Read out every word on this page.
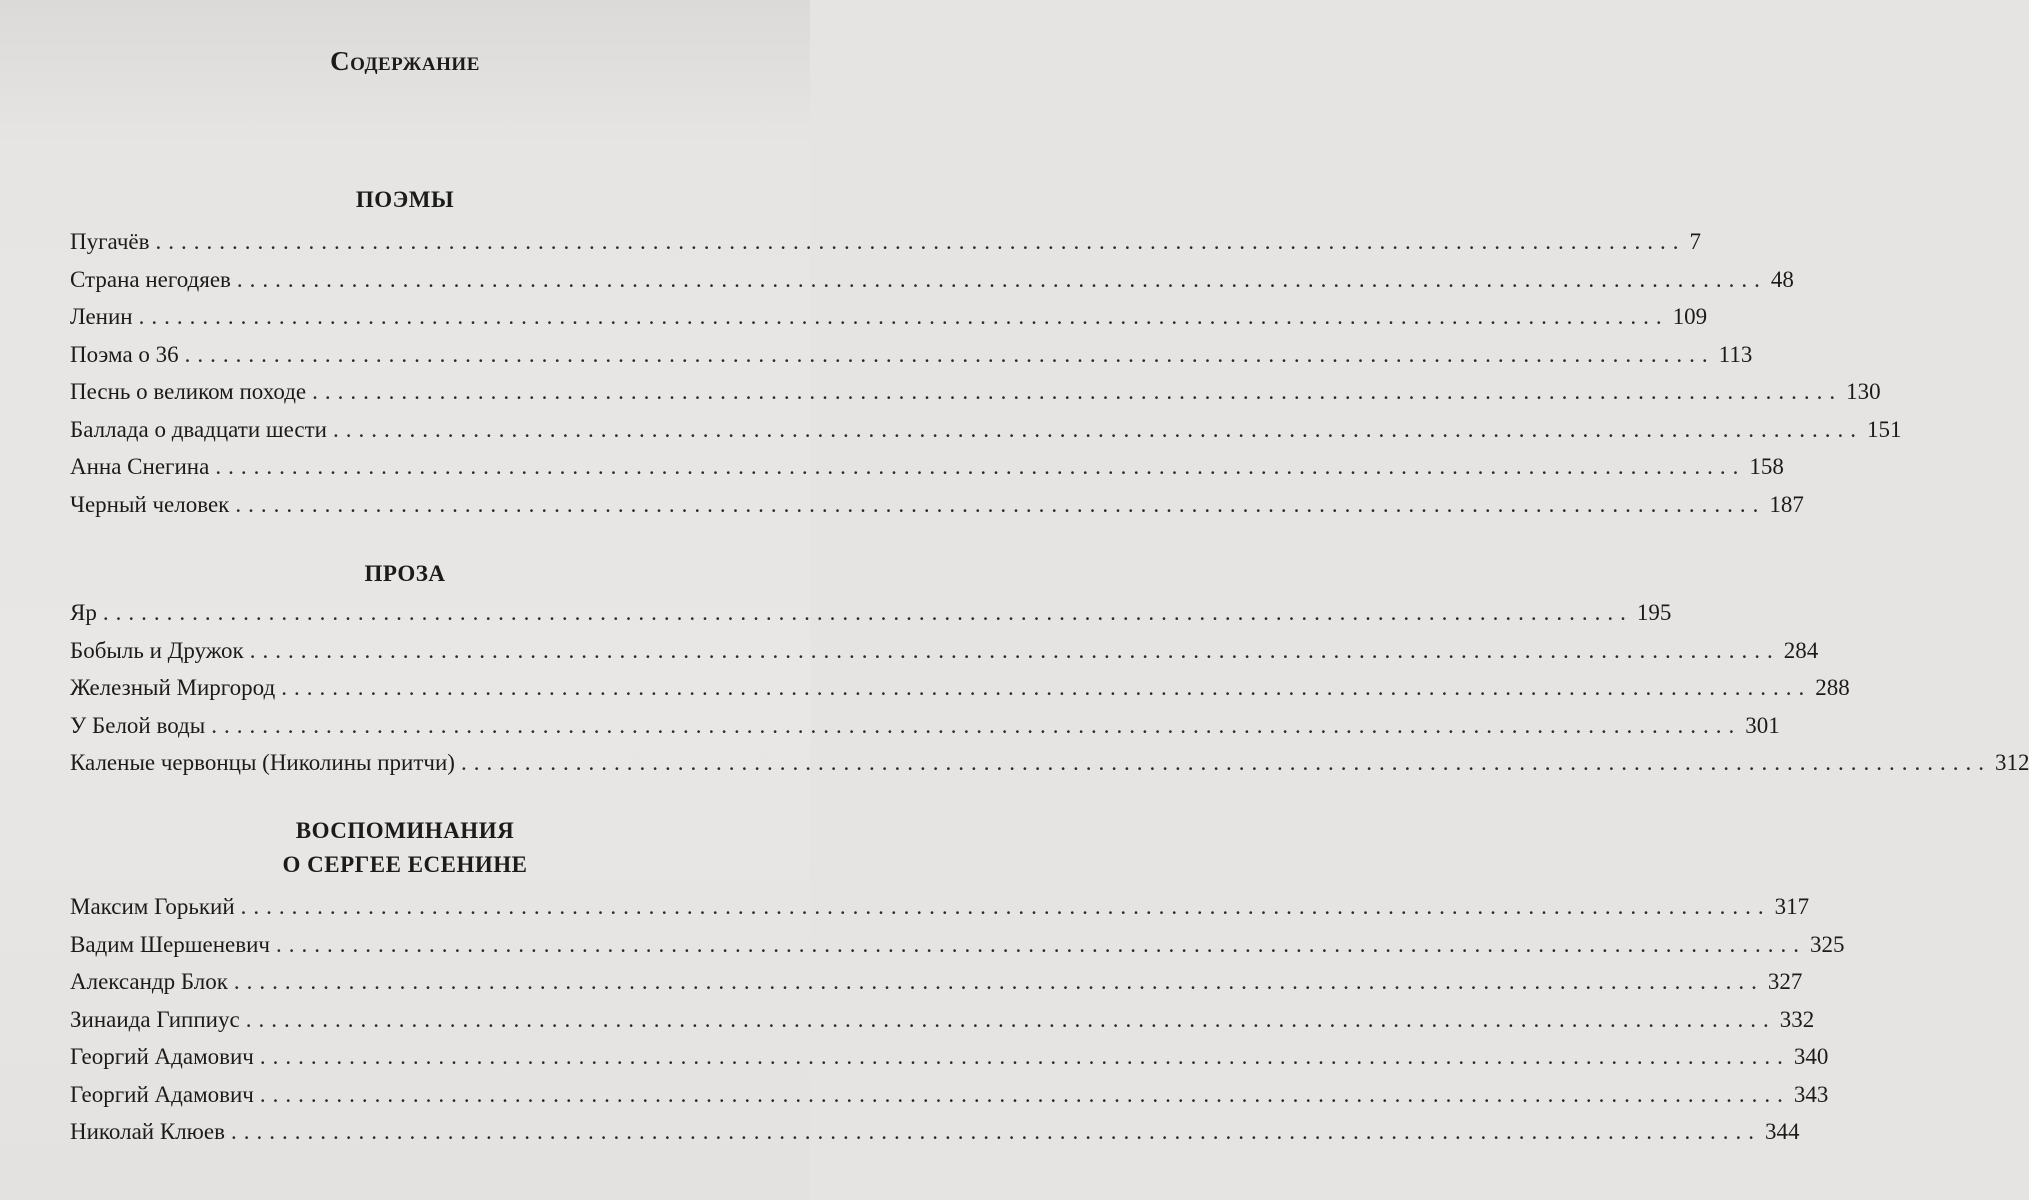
Содержание
ПОЭМЫ
Пугачёв ........................................................................................................................ 7
Страна негодяев ........................................................................................................................ 48
Ленин ........................................................................................................................ 109
Поэма о 36 ........................................................................................................................ 113
Песнь о великом походе ........................................................................................................................ 130
Баллада о двадцати шести ........................................................................................................................ 151
Анна Снегина ........................................................................................................................ 158
Черный человек ........................................................................................................................ 187
ПРОЗА
Яр ........................................................................................................................ 195
Бобыль и Дружок ........................................................................................................................ 284
Железный Миргород ........................................................................................................................ 288
У Белой воды ........................................................................................................................ 301
Каленые червонцы (Николины притчи) ........................................................................................................................ 312
ВОСПОМИНАНИЯ
О СЕРГЕЕ ЕСЕНИНЕ
Максим Горький ........................................................................................................................ 317
Вадим Шершеневич ........................................................................................................................ 325
Александр Блок ........................................................................................................................ 327
Зинаида Гиппиус ........................................................................................................................ 332
Георгий Адамович ........................................................................................................................ 340
Георгий Адамович ........................................................................................................................ 343
Николай Клюев ........................................................................................................................ 344
